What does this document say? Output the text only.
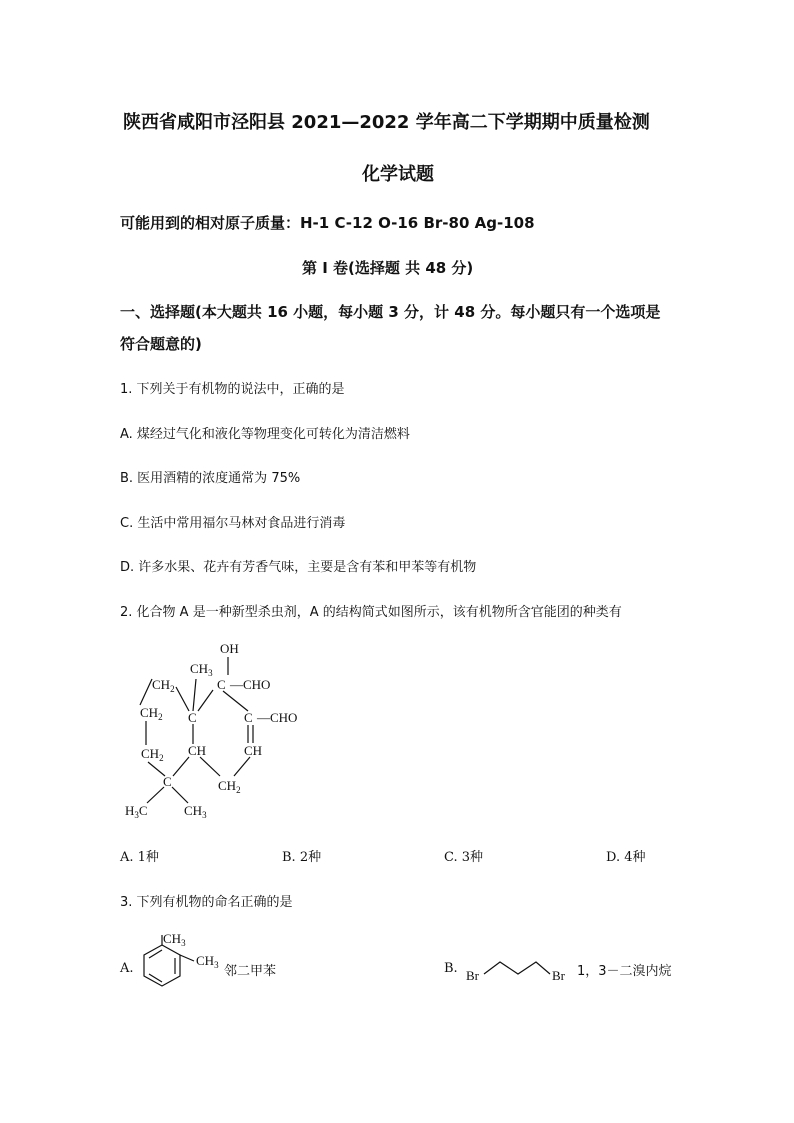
陕西省咸阳市泾阳县 2021—2022 学年高二下学期期中质量检测
化学试题
可能用到的相对原子质量：H-1 C-12 O-16 Br-80 Ag-108
第 I 卷(选择题 共 48 分)
一、选择题(本大题共 16 小题，每小题 3 分，计 48 分。每小题只有一个选项是
符合题意的)
1. 下列关于有机物的说法中，正确的是
A. 煤经过气化和液化等物理变化可转化为清洁燃料
B. 医用酒精的浓度通常为 75%
C. 生活中常用福尔马林对食品进行消毒
D. 许多水果、花卉有芳香气味，主要是含有苯和甲苯等有机物
2. 化合物 A 是一种新型杀虫剂，A 的结构简式如图所示，该有机物所含官能团的种类有
OH
$CH_3$
$CH_2$	C —CHO
$CH_2$ C	C —CHO
$CH_2$ CH	CH
C	$CH_2$
$H_3C$	$CH_3$
A. 1种	B. 2种	C. 3种	D. 4种
3. 下列有机物的命名正确的是
A.
$CH_3$
$CH_3$ 邻二甲苯	B. Br	Br 1，3－二溴内烷
